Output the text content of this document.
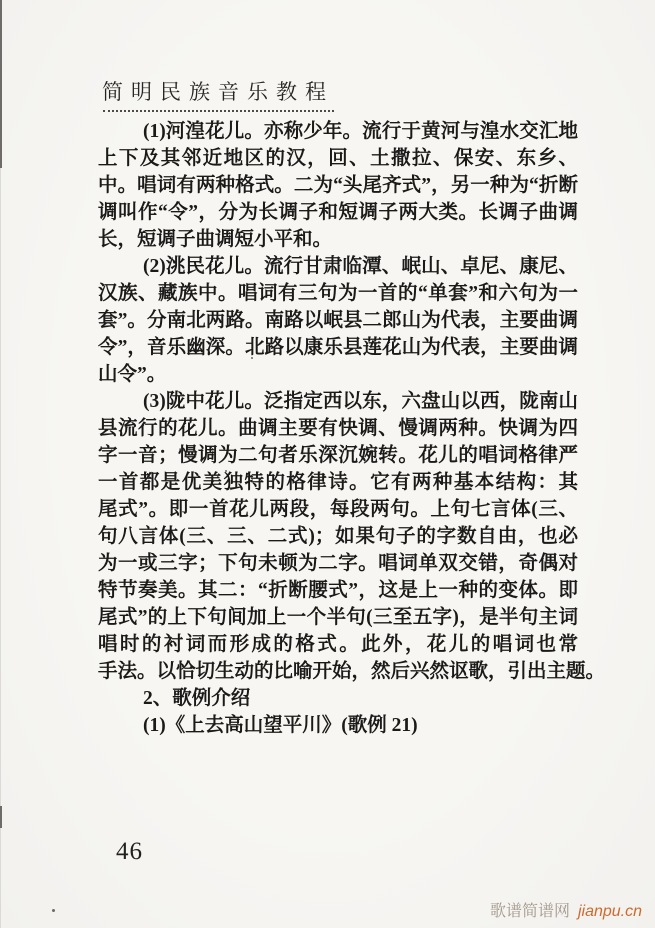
简明民族音乐教程
(1)河湟花儿。亦称少年。流行于黄河与湟水交汇地
上下及其邻近地区的汉，回、土撒拉、保安、东乡、
中。唱词有两种格式。二为“头尾齐式”，另一种为“折断
调叫作“令”，分为长调子和短调子两大类。长调子曲调
长，短调子曲调短小平和。
(2)洮民花儿。流行甘肃临潭、岷山、卓尼、康尼、
汉族、藏族中。唱词有三句为一首的“单套”和六句为一
套”。分南北两路。南路以岷县二郎山为代表，主要曲调
令”，音乐幽深。北路以康乐县莲花山为代表，主要曲调
山令”。
(3)陇中花儿。泛指定西以东，六盘山以西，陇南山
县流行的花儿。曲调主要有快调、慢调两种。快调为四
字一音；慢调为二句者乐深沉婉转。花儿的唱词格律严
一首都是优美独特的格律诗。它有两种基本结构：其
尾式”。即一首花儿两段，每段两句。上句七言体(三、
句八言体(三、三、二式)；如果句子的字数自由，也必
为一或三字；下句未顿为二字。唱词单双交错，奇偶对
特节奏美。其二：“折断腰式”，这是上一种的变体。即
尾式”的上下句间加上一个半句(三至五字)，是半句主词
唱时的衬词而形成的格式。此外，花儿的唱词也常
手法。以恰切生动的比喻开始，然后兴然讴歌，引出主题。
2、歌例介绍
(1)《上去高山望平川》(歌例 21)
46
歌谱简谱网 jianpu.cn
